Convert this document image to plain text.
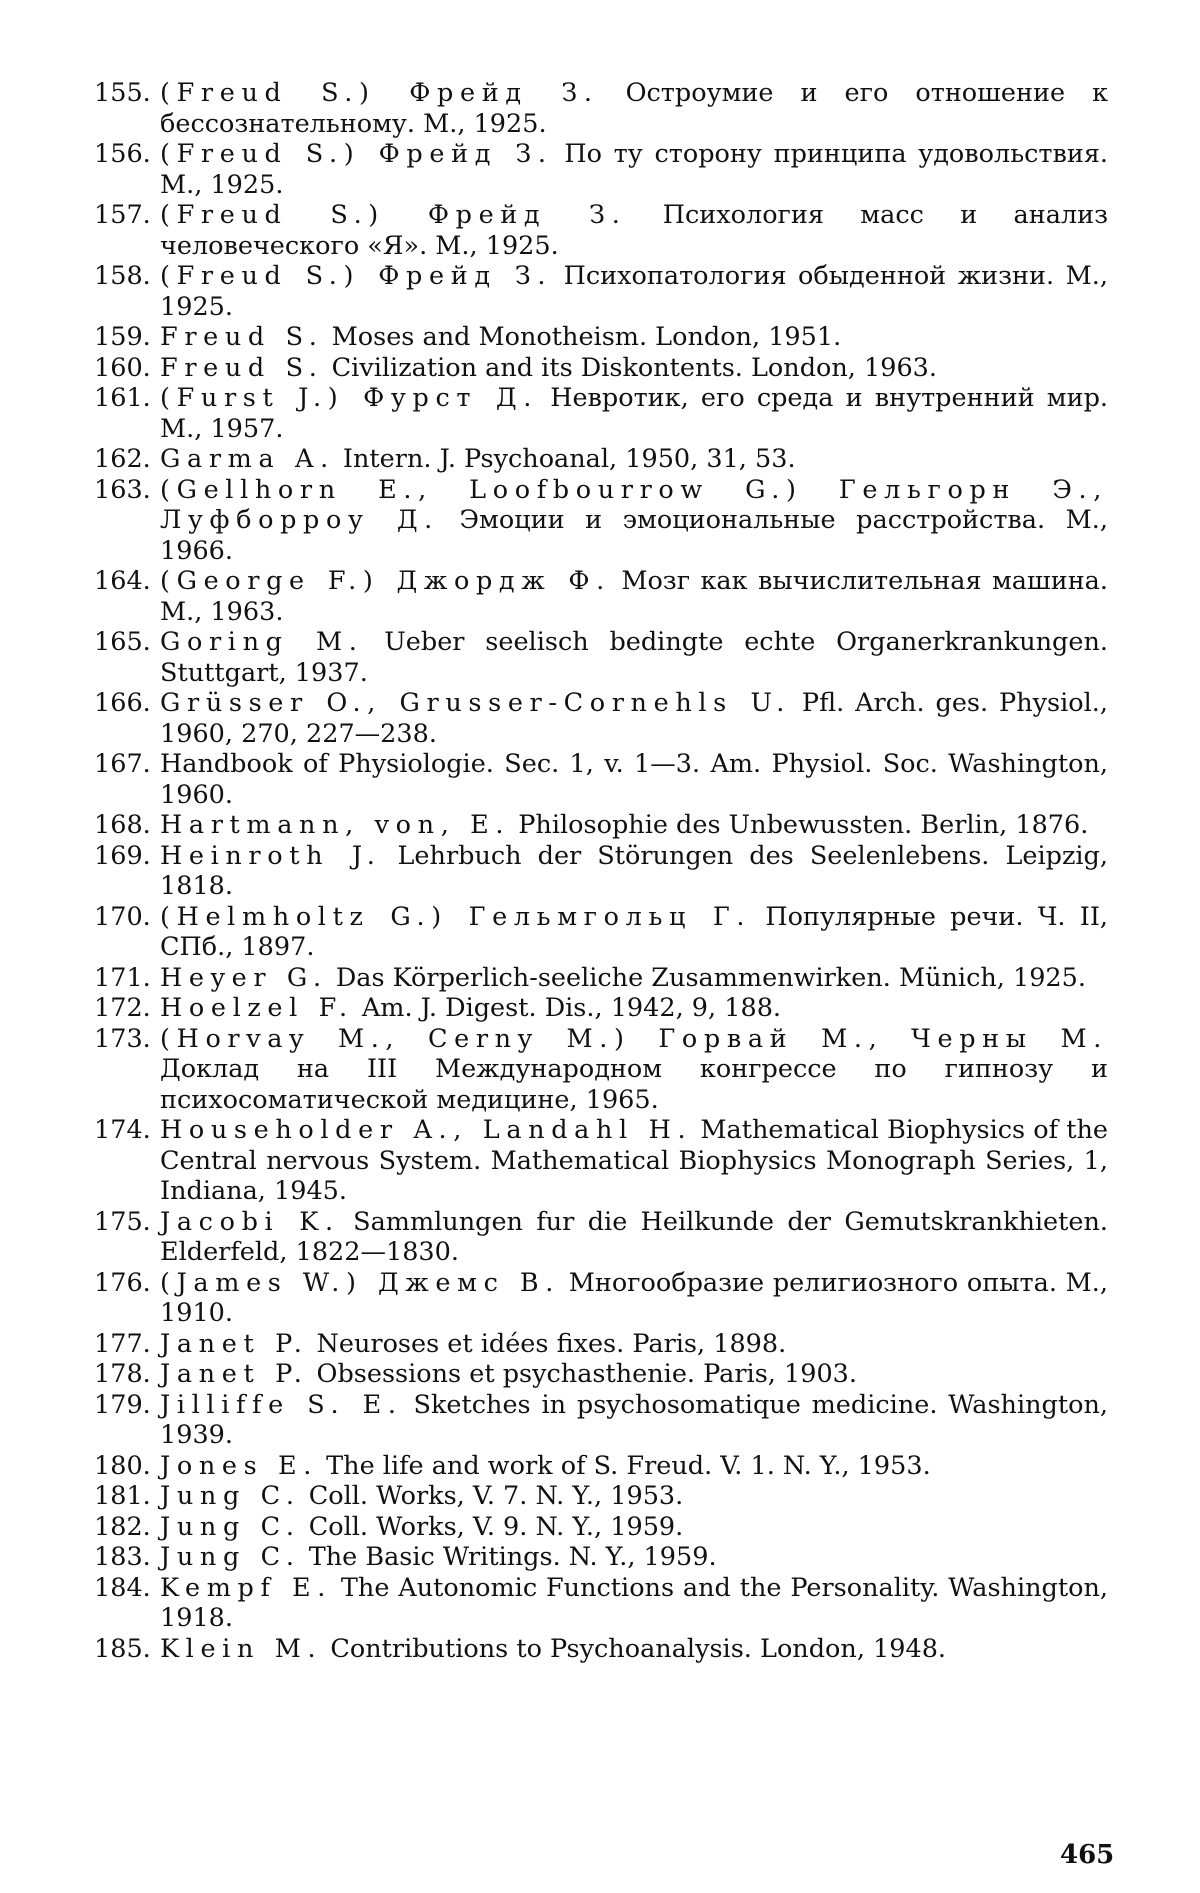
155. (Freud S.) Фрейд З. Остроумие и его отношение к бессознательному. М., 1925.
156. (Freud S.) Фрейд З. По ту сторону принципа удовольствия. М., 1925.
157. (Freud S.) Фрейд З. Психология масс и анализ человеческого «Я». М., 1925.
158. (Freud S.) Фрейд З. Психопатология обыденной жизни. М., 1925.
159. Freud S. Moses and Monotheism. London, 1951.
160. Freud S. Civilization and its Diskontents. London, 1963.
161. (Furst J.) Фурст Д. Невротик, его среда и внутренний мир. М., 1957.
162. Garma A. Intern. J. Psychoanal, 1950, 31, 53.
163. (Gellhorn E., Loofbourrow G.) Гельгорн Э., Луфборроу Д. Эмоции и эмоциональные расстройства. М., 1966.
164. (George F.) Джордж Ф. Мозг как вычислительная машина. М., 1963.
165. Goring M. Ueber seelisch bedingte echte Organerkrankungen. Stuttgart, 1937.
166. Grüsser O., Grusser-Cornehls U. Pfl. Arch. ges. Physiol., 1960, 270, 227—238.
167. Handbook of Physiologie. Sec. 1, v. 1—3. Am. Physiol. Soc. Washington, 1960.
168. Hartmann, von, E. Philosophie des Unbewussten. Berlin, 1876.
169. Heinroth J. Lehrbuch der Störungen des Seelenlebens. Leipzig, 1818.
170. (Helmholtz G.) Гельмгольц Г. Популярные речи. Ч. II, СПб., 1897.
171. Heyer G. Das Körperlich-seeliche Zusammenwirken. Münich, 1925.
172. Hoelzel F. Am. J. Digest. Dis., 1942, 9, 188.
173. (Horvay M., Cerny M.) Горвай М., Черны М. Доклад на III Международном конгрессе по гипнозу и психосоматической медицине, 1965.
174. Householder A., Landahl H. Mathematical Biophysics of the Central nervous System. Mathematical Biophysics Monograph Series, 1, Indiana, 1945.
175. Jacobi K. Sammlungen fur die Heilkunde der Gemutskrankhieten. Elderfeld, 1822—1830.
176. (James W.) Джемс В. Многообразие религиозного опыта. М., 1910.
177. Janet P. Neuroses et idées fixes. Paris, 1898.
178. Janet P. Obsessions et psychasthenie. Paris, 1903.
179. Jilliffe S. E. Sketches in psychosomatique medicine. Washington, 1939.
180. Jones E. The life and work of S. Freud. V. 1. N. Y., 1953.
181. Jung C. Coll. Works, V. 7. N. Y., 1953.
182. Jung C. Coll. Works, V. 9. N. Y., 1959.
183. Jung C. The Basic Writings. N. Y., 1959.
184. Kempf E. The Autonomic Functions and the Personality. Washington, 1918.
185. Klein M. Contributions to Psychoanalysis. London, 1948.
465
